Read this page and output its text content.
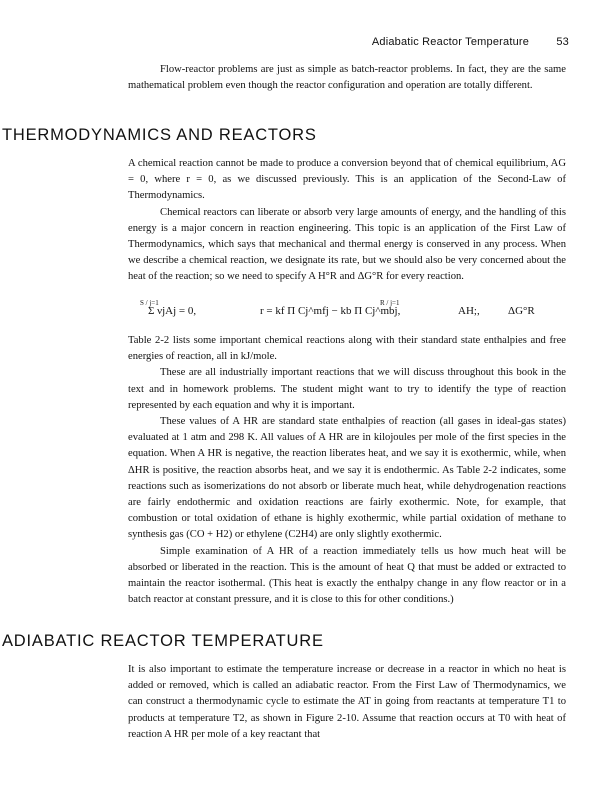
Adiabatic Reactor Temperature 53

Flow-reactor problems are just as simple as batch-reactor problems. In fact, they are the same mathematical problem even though the reactor configuration and operation are totally different.

THERMODYNAMICS AND REACTORS

A chemical reaction cannot be made to produce a conversion beyond that of chemical equilibrium, AG = 0, where r = 0, as we discussed previously. This is an application of the Second-Law of Thermodynamics.

Chemical reactors can liberate or absorb very large amounts of energy, and the handling of this energy is a major concern in reaction engineering. This topic is an application of the First Law of Thermodynamics, which says that mechanical and thermal energy is conserved in any process. When we describe a chemical reaction, we designate its rate, but we should also be very concerned about the heat of the reaction; so we need to specify A H°R and ΔG°R for every reaction.

S / j=1
Σ νjAj = 0,	r = kf Π Cj^mfj − kb Π Cj^mbj,
R / j=1
AH;,	ΔG°R

Table 2-2 lists some important chemical reactions along with their standard state enthalpies and free energies of reaction, all in kJ/mole.

These are all industrially important reactions that we will discuss throughout this book in the text and in homework problems. The student might want to try to identify the type of reaction represented by each equation and why it is important.

These values of A HR are standard state enthalpies of reaction (all gases in ideal-gas states) evaluated at 1 atm and 298 K. All values of A HR are in kilojoules per mole of the first species in the equation. When A HR is negative, the reaction liberates heat, and we say it is exothermic, while, when ΔHR is positive, the reaction absorbs heat, and we say it is endothermic. As Table 2-2 indicates, some reactions such as isomerizations do not absorb or liberate much heat, while dehydrogenation reactions are fairly endothermic and oxidation reactions are fairly exothermic. Note, for example, that combustion or total oxidation of ethane is highly exothermic, while partial oxidation of methane to synthesis gas (CO + H2) or ethylene (C2H4) are only slightly exothermic.

Simple examination of A HR of a reaction immediately tells us how much heat will be absorbed or liberated in the reaction. This is the amount of heat Q that must be added or extracted to maintain the reactor isothermal. (This heat is exactly the enthalpy change in any flow reactor or in a batch reactor at constant pressure, and it is close to this for other conditions.)

ADIABATIC REACTOR TEMPERATURE

It is also important to estimate the temperature increase or decrease in a reactor in which no heat is added or removed, which is called an adiabatic reactor. From the First Law of Thermodynamics, we can construct a thermodynamic cycle to estimate the AT in going from reactants at temperature T1 to products at temperature T2, as shown in Figure 2-10. Assume that reaction occurs at T0 with heat of reaction A HR per mole of a key reactant that
